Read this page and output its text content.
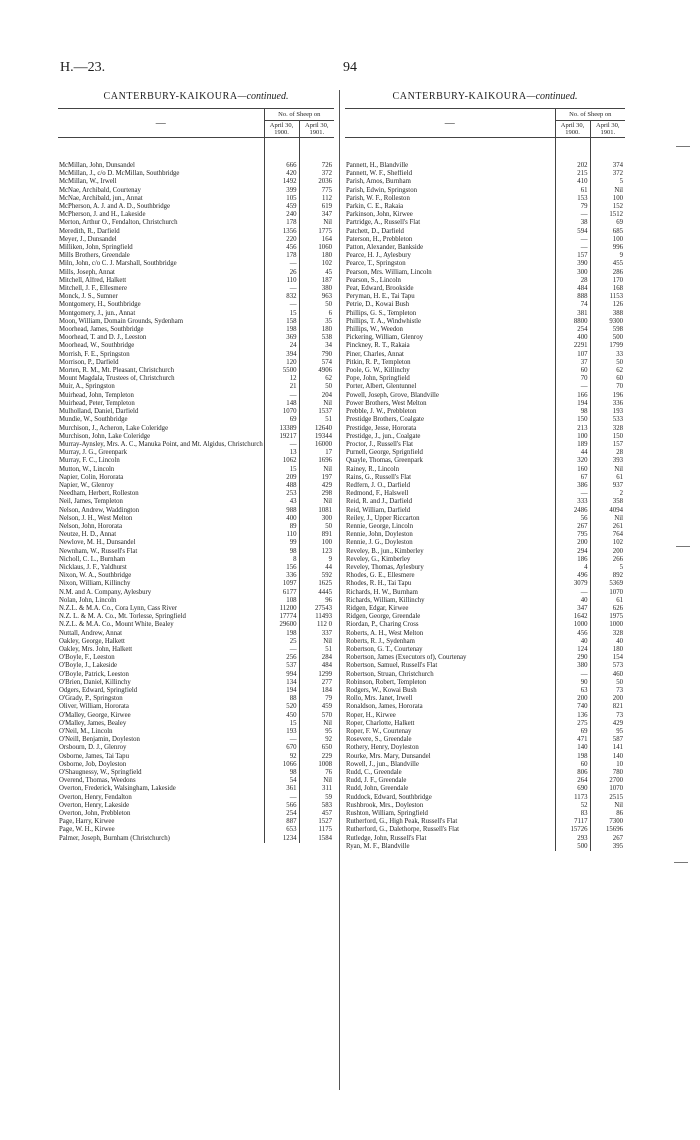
H.—23.	94
CANTERBURY-KAIKOURA—continued.
—	No. of Sheep on	
	April 30, 1900.	April 30, 1901.

McMillan, John, Dunsandel	666	726
McMillan, J., c/o D. McMillan, Southbridge	420	372
McMillan, W., Irwell	1492	2036
McNae, Archibald, Courtenay	399	775
McNae, Archibald, jun., Annat	105	112
McPherson, A. J. and A. D., Southbridge	459	619
McPherson, J. and H., Lakeside	240	347
Merton, Arthur O., Fendalton, Christchurch	178	Nil
Meredith, R., Darfield	1356	1775
Meyer, J., Dunsandel	220	164
Milliken, John, Springfield	456	1060
Mills Brothers, Greendale	178	180
Miln, John, c/o C. J. Marshall, Southbridge	—	102
Mills, Joseph, Annat	26	45
Mitchell, Alfred, Halkett	110	187
Mitchell, J. F., Ellesmere	—	380
Monck, J. S., Sumner	832	963
Montgomery, H., Southbridge	—	50
Montgomery, J., jun., Annat	15	6
Moon, William, Domain Grounds, Sydenham	158	35
Moorhead, James, Southbridge	198	180
Moorhead, T. and D. J., Leeston	369	538
Moorhead, W., Southbridge	24	34
Morrish, F. E., Springston	394	790
Morrison, P., Darfield	120	574
Morten, R. M., Mt. Pleasant, Christchurch	5500	4906
Mount Magdala, Trustees of, Christchurch	12	62
Muir, A., Springston	21	50
Muirhead, John, Templeton	—	204
Muirhead, Peter, Templeton	148	Nil
Mulholland, Daniel, Darfield	1070	1537
Mundie, W., Southbridge	69	51
Murchison, J., Acheron, Lake Coleridge	13389	12640
Murchison, John, Lake Coleridge	19217	19344
Murray-Aynsley, Mrs. A. C., Manuka Point, and Mt. Algidus, Christchurch	—	16000
Murray, J. G., Greenpark	13	17
Murray, F. C., Lincoln	1062	1696
Mutton, W., Lincoln	15	Nil
Napier, Colin, Hororata	209	197
Napier, W., Glenroy	488	429
Needham, Herbert, Rolleston	253	298
Neil, James, Templeton	43	Nil
Nelson, Andrew, Waddington	988	1081
Nelson, J. H., West Melton	400	300
Nelson, John, Hororata	89	50
Neutze, H. D., Annat	110	891
Newlove, M. H., Dunsandel	99	100
Newnham, W., Russell's Flat	98	123
Nicholl, C. L., Burnham	8	9
Nicklaus, J. F., Yaldhurst	156	44
Nixon, W. A., Southbridge	336	592
Nixon, William, Killinchy	1097	1625
N.M. and A. Company, Aylesbury	6177	4445
Nolan, John, Lincoln	108	96
N.Z.L. & M.A. Co., Cora Lynn, Cass River	11200	27543
N.Z. L. & M. A. Co., Mt. Torlesse, Springfield	17774	11493
N.Z.L. & M.A. Co., Mount White, Bealey	29600	112 0
Nuttall, Andrew, Annat	198	337
Oakley, George, Halkett	25	Nil
Oakley, Mrs. John, Halkett	—	51
O'Boyle, F., Leeston	256	284
O'Boyle, J., Lakeside	537	484
O'Boyle, Patrick, Leeston	994	1299
O'Brien, Daniel, Killinchy	134	277
Odgers, Edward, Springfield	194	184
O'Grady, P., Springston	88	79
Oliver, William, Hororata	520	459
O'Malley, George, Kirwee	450	570
O'Malley, James, Bealey	15	Nil
O'Neil, M., Lincoln	193	95
O'Neill, Benjamin, Doyleston	—	92
Orsbourn, D. J., Glenroy	670	650
Osborne, James, Tai Tapu	92	229
Osborne, Job, Doyleston	1066	1008
O'Shaugnessy, W., Springfield	98	76
Overend, Thomas, Weedons	54	Nil
Overton, Frederick, Walsingham, Lakeside	361	311
Overton, Henry, Fendalton	—	59
Overton, Henry, Lakeside	566	583
Overton, John, Prebbleton	254	457
Page, Harry, Kirwee	887	1527
Page, W. H., Kirwee	653	1175
Palmer, Joseph, Burnham (Christchurch)	1234	1584
CANTERBURY-KAIKOURA—continued.
—	No. of Sheep on	
	April 30, 1900.	April 30, 1901.

Pannett, H., Blandville	202	374
Pannett, W. F., Sheffield	215	372
Parish, Amos, Burnham	410	5
Parish, Edwin, Springston	61	Nil
Parish, W. F., Rolleston	153	100
Parkin, C. E., Rakaia	79	152
Parkinson, John, Kirwee	—	1512
Partridge, A., Russell's Flat	38	69
Patchett, D., Darfield	594	685
Paterson, H., Prebbleton	—	100
Patton, Alexander, Bankside	—	996
Pearce, H. J., Aylesbury	157	9
Pearce, T., Springston	390	455
Pearson, Mrs. William, Lincoln	300	286
Pearson, S., Lincoln	28	170
Peat, Edward, Brookside	484	168
Peryman, H. E., Tai Tapu	888	1153
Petrie, D., Kowai Bush	74	126
Phillips, G. S., Templeton	381	388
Phillips, T. A., Windwhistle	8800	9300
Phillips, W., Weedon	254	598
Pickering, William, Glenroy	400	500
Pinckney, R. T., Rakaia	2291	1799
Piner, Charles, Annat	107	33
Pitkin, R. P., Templeton	37	50
Poole, G. W., Killinchy	60	62
Pope, John, Springfield	70	60
Porter, Albert, Glentunnel	—	70
Powell, Joseph, Grove, Blandville	166	196
Power Brothers, West Melton	194	336
Prebble, J. W., Prebbleton	98	193
Prestidge Brothers, Coalgate	150	533
Prestidge, Jesse, Hororata	213	328
Prestidge, J., jun., Coalgate	100	150
Proctor, J., Russell's Flat	189	157
Purnell, George, Sprignfield	44	28
Quayle, Thomas, Greenpark	320	393
Rainey, R., Lincoln	160	Nil
Rains, G., Russell's Flat	67	61
Redfern, J. O., Darfield	386	937
Redmond, F., Halswell	—	2
Reid, R. and J., Darfield	333	358
Reid, William, Darfield	2486	4094
Reiley, J., Upper Riccarton	56	Nil
Rennie, George, Lincoln	267	261
Rennie, John, Doyleston	795	764
Rennie, J. G., Doyleston	200	102
Reveley, B., jun., Kimberley	294	200
Reveley, G., Kimberley	186	266
Reveley, Thomas, Aylesbury	4	5
Rhodes, G. E., Ellesmere	496	892
Rhodes, R. H., Tai Tapu	3079	5369
Richards, H. W., Burnham	—	1070
Richards, William, Killinchy	40	61
Ridgen, Edgar, Kirwee	347	626
Ridgen, George, Greendale	1642	1975
Riordan, P., Charing Cross	1000	1000
Roberts, A. H., West Melton	456	328
Roberts, R. J., Sydenham	40	40
Robertson, G. T., Courtenay	124	180
Robertson, James (Executors of), Courtenay	290	154
Robertson, Samuel, Russell's Flat	380	573
Robertson, Struan, Christchurch	—	460
Robinson, Robert, Templeton	90	50
Rodgers, W., Kowai Bush	63	73
Rollo, Mrs. Janet, Irwell	200	200
Ronaldson, James, Hororata	740	821
Roper, H., Kirwee	136	73
Roper, Charlotte, Halkett	275	429
Roper, F. W., Courtenay	69	95
Rosevere, S., Greendale	471	587
Rothery, Henry, Doyleston	140	141
Rourke, Mrs. Mary, Dunsandel	198	140
Rowell, J., jun., Blandville	60	10
Rudd, C., Greendale	806	780
Rudd, J. F., Greendale	264	2700
Rudd, John, Greendale	690	1070
Ruddock, Edward, Southbridge	1173	2515
Rushbrook, Mrs., Doyleston	52	Nil
Rushton, William, Springfield	83	86
Rutherford, G., High Peak, Russell's Flat	7117	7300
Rutherford, G., Dalethorpe, Russell's Flat	15726	15696
Rutledge, John, Russell's Flat	293	267
Ryan, M. F., Blandville	500	395
